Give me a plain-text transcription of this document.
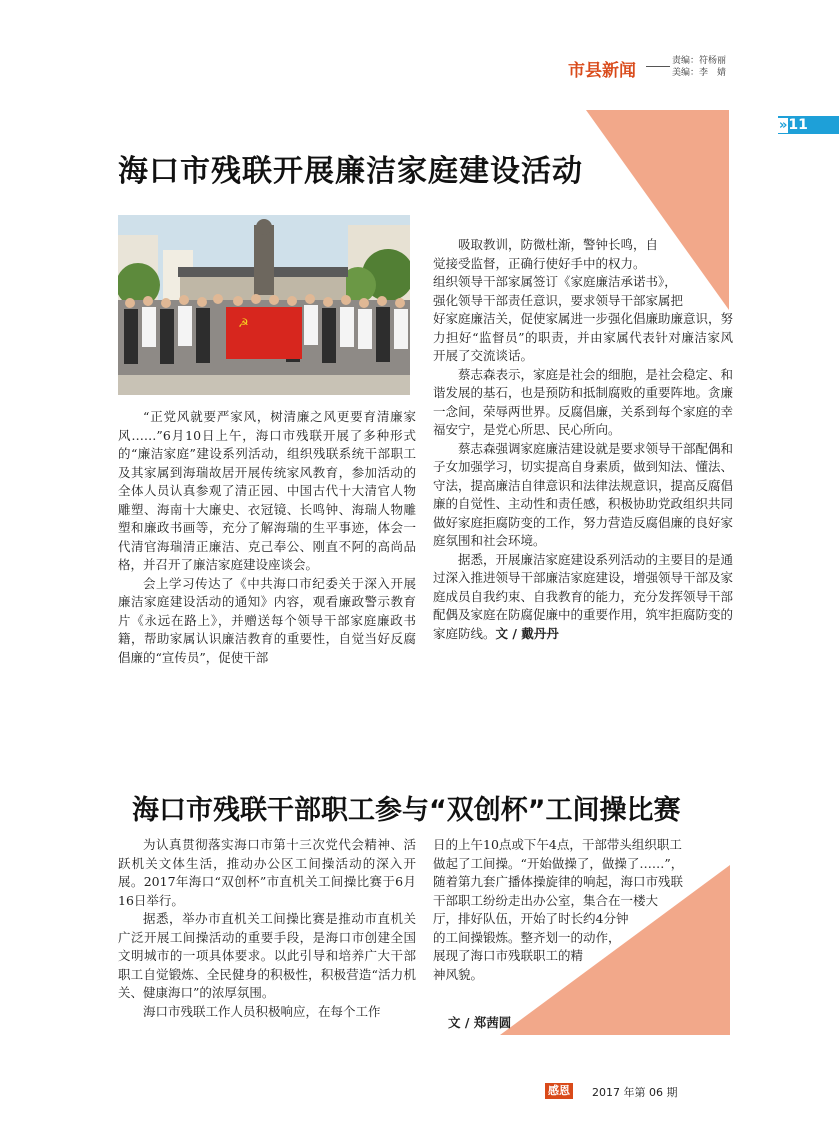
市县新闻	责编：符杨丽
美编：李　婧
»11
海口市残联开展廉洁家庭建设活动
☭

“正党风就要严家风，树清廉之风更要育清廉家风……”6月10日上午，海口市残联开展了多种形式的“廉洁家庭”建设系列活动，组织残联系统干部职工及其家属到海瑞故居开展传统家风教育，参加活动的全体人员认真参观了清正园、中国古代十大清官人物雕塑、海南十大廉史、衣冠镜、长鸣钟、海瑞人物雕塑和廉政书画等，充分了解海瑞的生平事迹，体会一代清官海瑞清正廉洁、克己奉公、刚直不阿的高尚品格，并召开了廉洁家庭建设座谈会。

会上学习传达了《中共海口市纪委关于深入开展廉洁家庭建设活动的通知》内容，观看廉政警示教育片《永远在路上》，并赠送每个领导干部家庭廉政书籍，帮助家属认识廉洁教育的重要性，自觉当好反腐倡廉的“宣传员”，促使干部

吸取教训，防微杜渐，警钟长鸣，自

觉接受监督，正确行使好手中的权力。

组织领导干部家属签订《家庭廉洁承诺书》，

强化领导干部责任意识，要求领导干部家属把

好家庭廉洁关，促使家属进一步强化倡廉助廉意识，努力担好“监督员”的职责，并由家属代表针对廉洁家风开展了交流谈话。

蔡志森表示，家庭是社会的细胞，是社会稳定、和谐发展的基石，也是预防和抵制腐败的重要阵地。贪廉一念间，荣辱两世界。反腐倡廉，关系到每个家庭的幸福安宁，是党心所思、民心所向。

蔡志森强调家庭廉洁建设就是要求领导干部配偶和子女加强学习，切实提高自身素质，做到知法、懂法、守法，提高廉洁自律意识和法律法规意识，提高反腐倡廉的自觉性、主动性和责任感，积极协助党政组织共同做好家庭拒腐防变的工作，努力营造反腐倡廉的良好家庭氛围和社会环境。

据悉，开展廉洁家庭建设系列活动的主要目的是通过深入推进领导干部廉洁家庭建设，增强领导干部及家庭成员自我约束、自我教育的能力，充分发挥领导干部配偶及家庭在防腐促廉中的重要作用，筑牢拒腐防变的家庭防线。文 / 戴丹丹

海口市残联干部职工参与“双创杯”工间操比赛

为认真贯彻落实海口市第十三次党代会精神、活跃机关文体生活，推动办公区工间操活动的深入开展。2017年海口“双创杯”市直机关工间操比赛于6月16日举行。

据悉，举办市直机关工间操比赛是推动市直机关广泛开展工间操活动的重要手段，是海口市创建全国文明城市的一项具体要求。以此引导和培养广大干部职工自觉锻炼、全民健身的积极性，积极营造“活力机关、健康海口”的浓厚氛围。

海口市残联工作人员积极响应，在每个工作

日的上午10点或下午4点，干部带头组织职工

做起了工间操。“开始做操了，做操了……”，

随着第九套广播体操旋律的响起，海口市残联

干部职工纷纷走出办公室，集合在一楼大

厅，排好队伍，开始了时长约4分钟

的工间操锻炼。整齐划一的动作，

展现了海口市残联职工的精

神风貌。

文 / 郑茜圆
感恩 2017 年第 06 期
